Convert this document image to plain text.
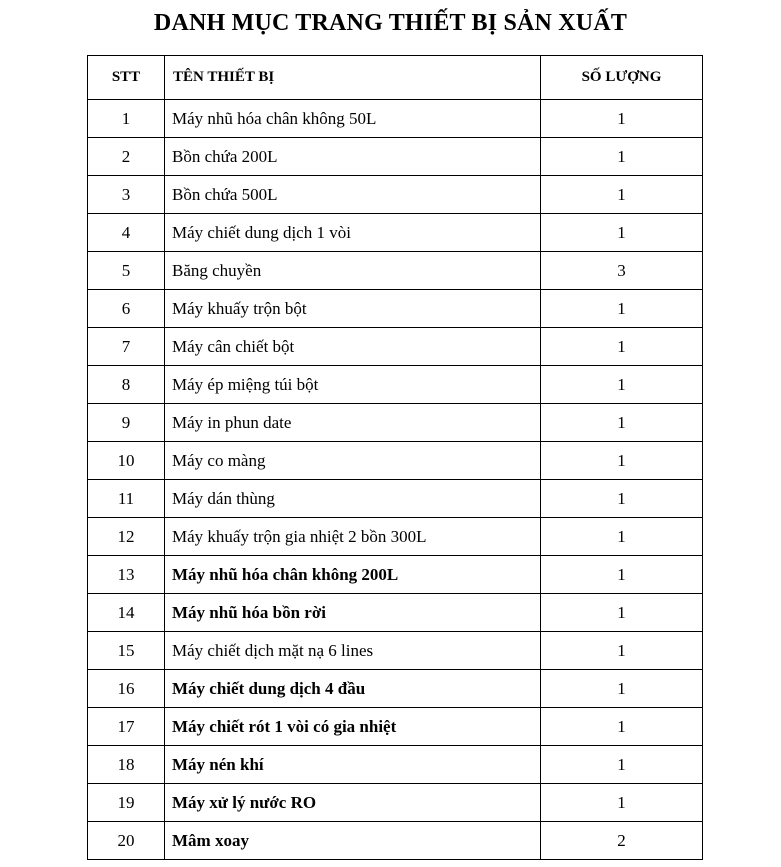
DANH MỤC TRANG THIẾT BỊ SẢN XUẤT
STT	TÊN THIẾT BỊ	SỐ LƯỢNG
1	Máy nhũ hóa chân không 50L	1
2	Bồn chứa 200L	1
3	Bồn chứa 500L	1
4	Máy chiết dung dịch 1 vòi	1
5	Băng chuyền	3
6	Máy khuấy trộn bột	1
7	Máy cân chiết bột	1
8	Máy ép miệng túi bột	1
9	Máy in phun date	1
10	Máy co màng	1
11	Máy dán thùng	1
12	Máy khuấy trộn gia nhiệt 2 bồn 300L	1
13	Máy nhũ hóa chân không 200L	1
14	Máy nhũ hóa bồn rời	1
15	Máy chiết dịch mặt nạ 6 lines	1
16	Máy chiết dung dịch 4 đầu	1
17	Máy chiết rót 1 vòi có gia nhiệt	1
18	Máy nén khí	1
19	Máy xử lý nước RO	1
20	Mâm xoay	2
